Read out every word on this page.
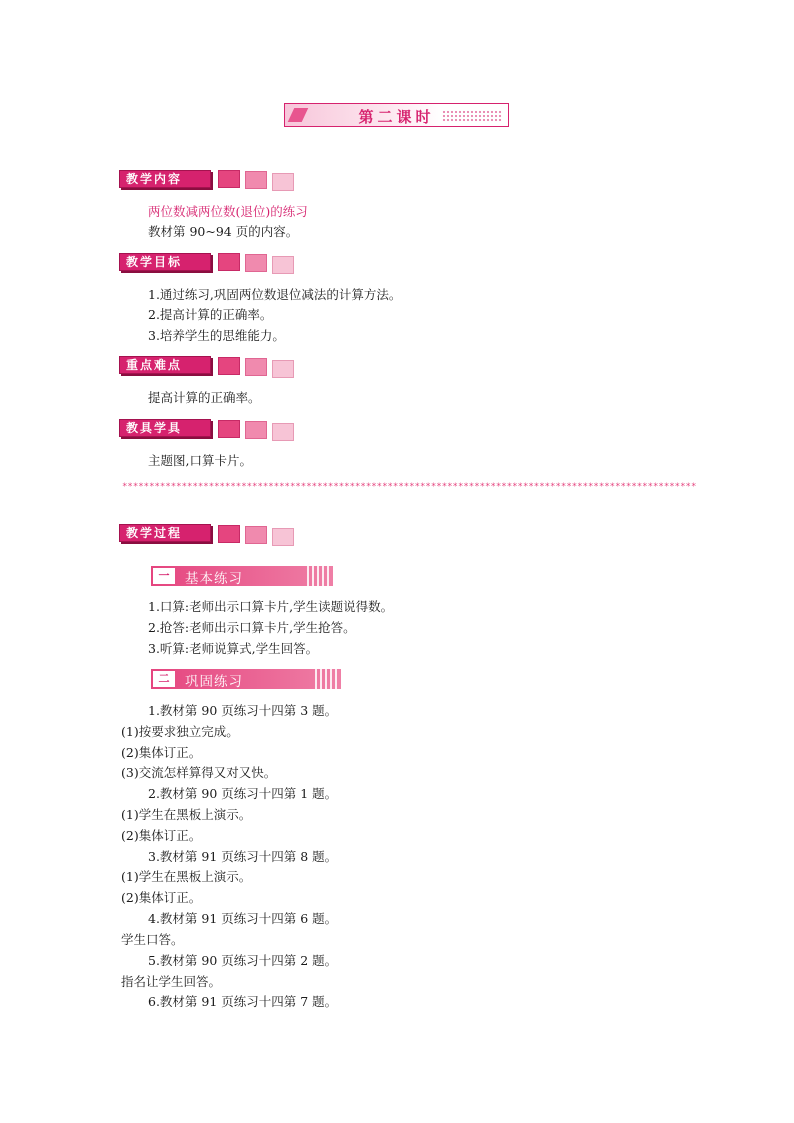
第二课时
教学内容
两位数减两位数(退位)的练习
教材第 90~94 页的内容。
教学目标
1.通过练习,巩固两位数退位减法的计算方法。
2.提高计算的正确率。
3.培养学生的思维能力。
重点难点
提高计算的正确率。
教具学具
主题图,口算卡片。
**********************************************************************************************************
教学过程
一	基本练习
1.口算:老师出示口算卡片,学生读题说得数。
2.抢答:老师出示口算卡片,学生抢答。
3.听算:老师说算式,学生回答。
二	巩固练习
1.教材第 90 页练习十四第 3 题。
(1)按要求独立完成。
(2)集体订正。
(3)交流怎样算得又对又快。
2.教材第 90 页练习十四第 1 题。
(1)学生在黑板上演示。
(2)集体订正。
3.教材第 91 页练习十四第 8 题。
(1)学生在黑板上演示。
(2)集体订正。
4.教材第 91 页练习十四第 6 题。
学生口答。
5.教材第 90 页练习十四第 2 题。
指名让学生回答。
6.教材第 91 页练习十四第 7 题。
